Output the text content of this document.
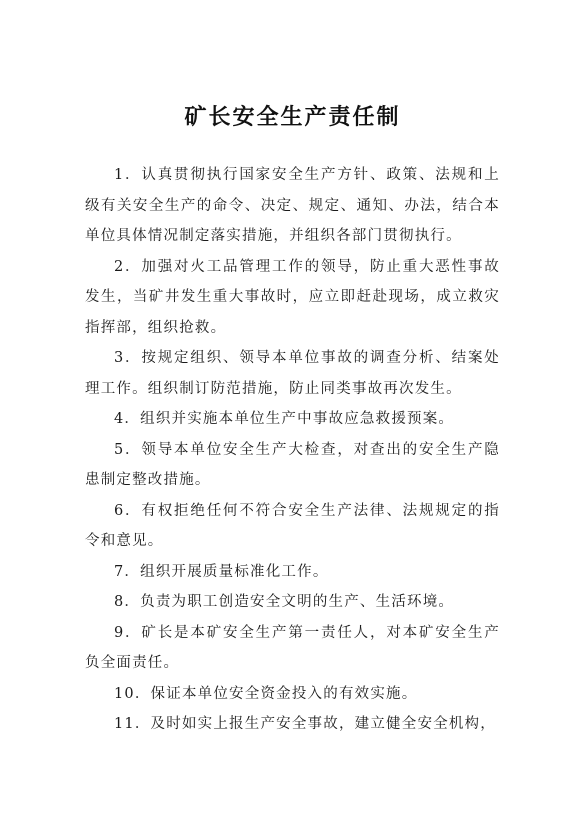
矿长安全生产责任制

1．认真贯彻执行国家安全生产方针、政策、法规和上级有关安全生产的命令、决定、规定、通知、办法，结合本单位具体情况制定落实措施，并组织各部门贯彻执行。

2．加强对火工品管理工作的领导，防止重大恶性事故发生，当矿井发生重大事故时，应立即赶赴现场，成立救灾指挥部，组织抢救。

3．按规定组织、领导本单位事故的调查分析、结案处理工作。组织制订防范措施，防止同类事故再次发生。

4．组织并实施本单位生产中事故应急救援预案。

5．领导本单位安全生产大检查，对查出的安全生产隐患制定整改措施。

6．有权拒绝任何不符合安全生产法律、法规规定的指令和意见。

7．组织开展质量标准化工作。

8．负责为职工创造安全文明的生产、生活环境。

9．矿长是本矿安全生产第一责任人，对本矿安全生产负全面责任。

10．保证本单位安全资金投入的有效实施。

11．及时如实上报生产安全事故，建立健全安全机构，
